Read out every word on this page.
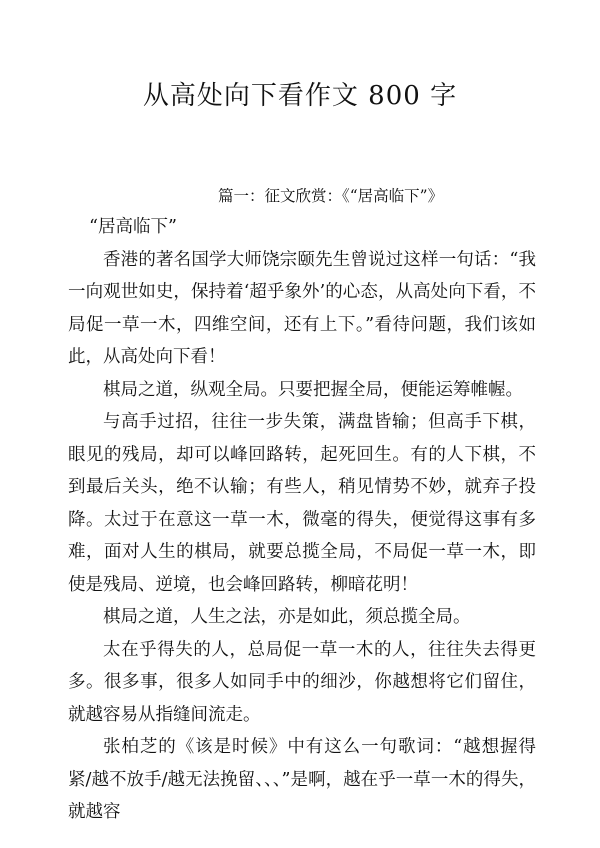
从高处向下看作文 800 字
篇一：征文欣赏：《“居高临下”》

“居高临下”

香港的著名国学大师饶宗颐先生曾说过这样一句话：“我一向观世如史，保持着‘超乎象外’的心态，从高处向下看，不局促一草一木，四维空间，还有上下。”看待问题，我们该如此，从高处向下看！

棋局之道，纵观全局。只要把握全局，便能运筹帷幄。

与高手过招，往往一步失策，满盘皆输；但高手下棋，眼见的残局，却可以峰回路转，起死回生。有的人下棋，不到最后关头，绝不认输；有些人，稍见情势不妙，就弃子投降。太过于在意这一草一木，微毫的得失，便觉得这事有多难，面对人生的棋局，就要总揽全局，不局促一草一木，即使是残局、逆境，也会峰回路转，柳暗花明！

棋局之道，人生之法，亦是如此，须总揽全局。

太在乎得失的人，总局促一草一木的人，往往失去得更多。很多事，很多人如同手中的细沙，你越想将它们留住，就越容易从指缝间流走。

张柏芝的《该是时候》中有这么一句歌词：“越想握得紧/越不放手/越无法挽留、、、”是啊，越在乎一草一木的得失，就越容
